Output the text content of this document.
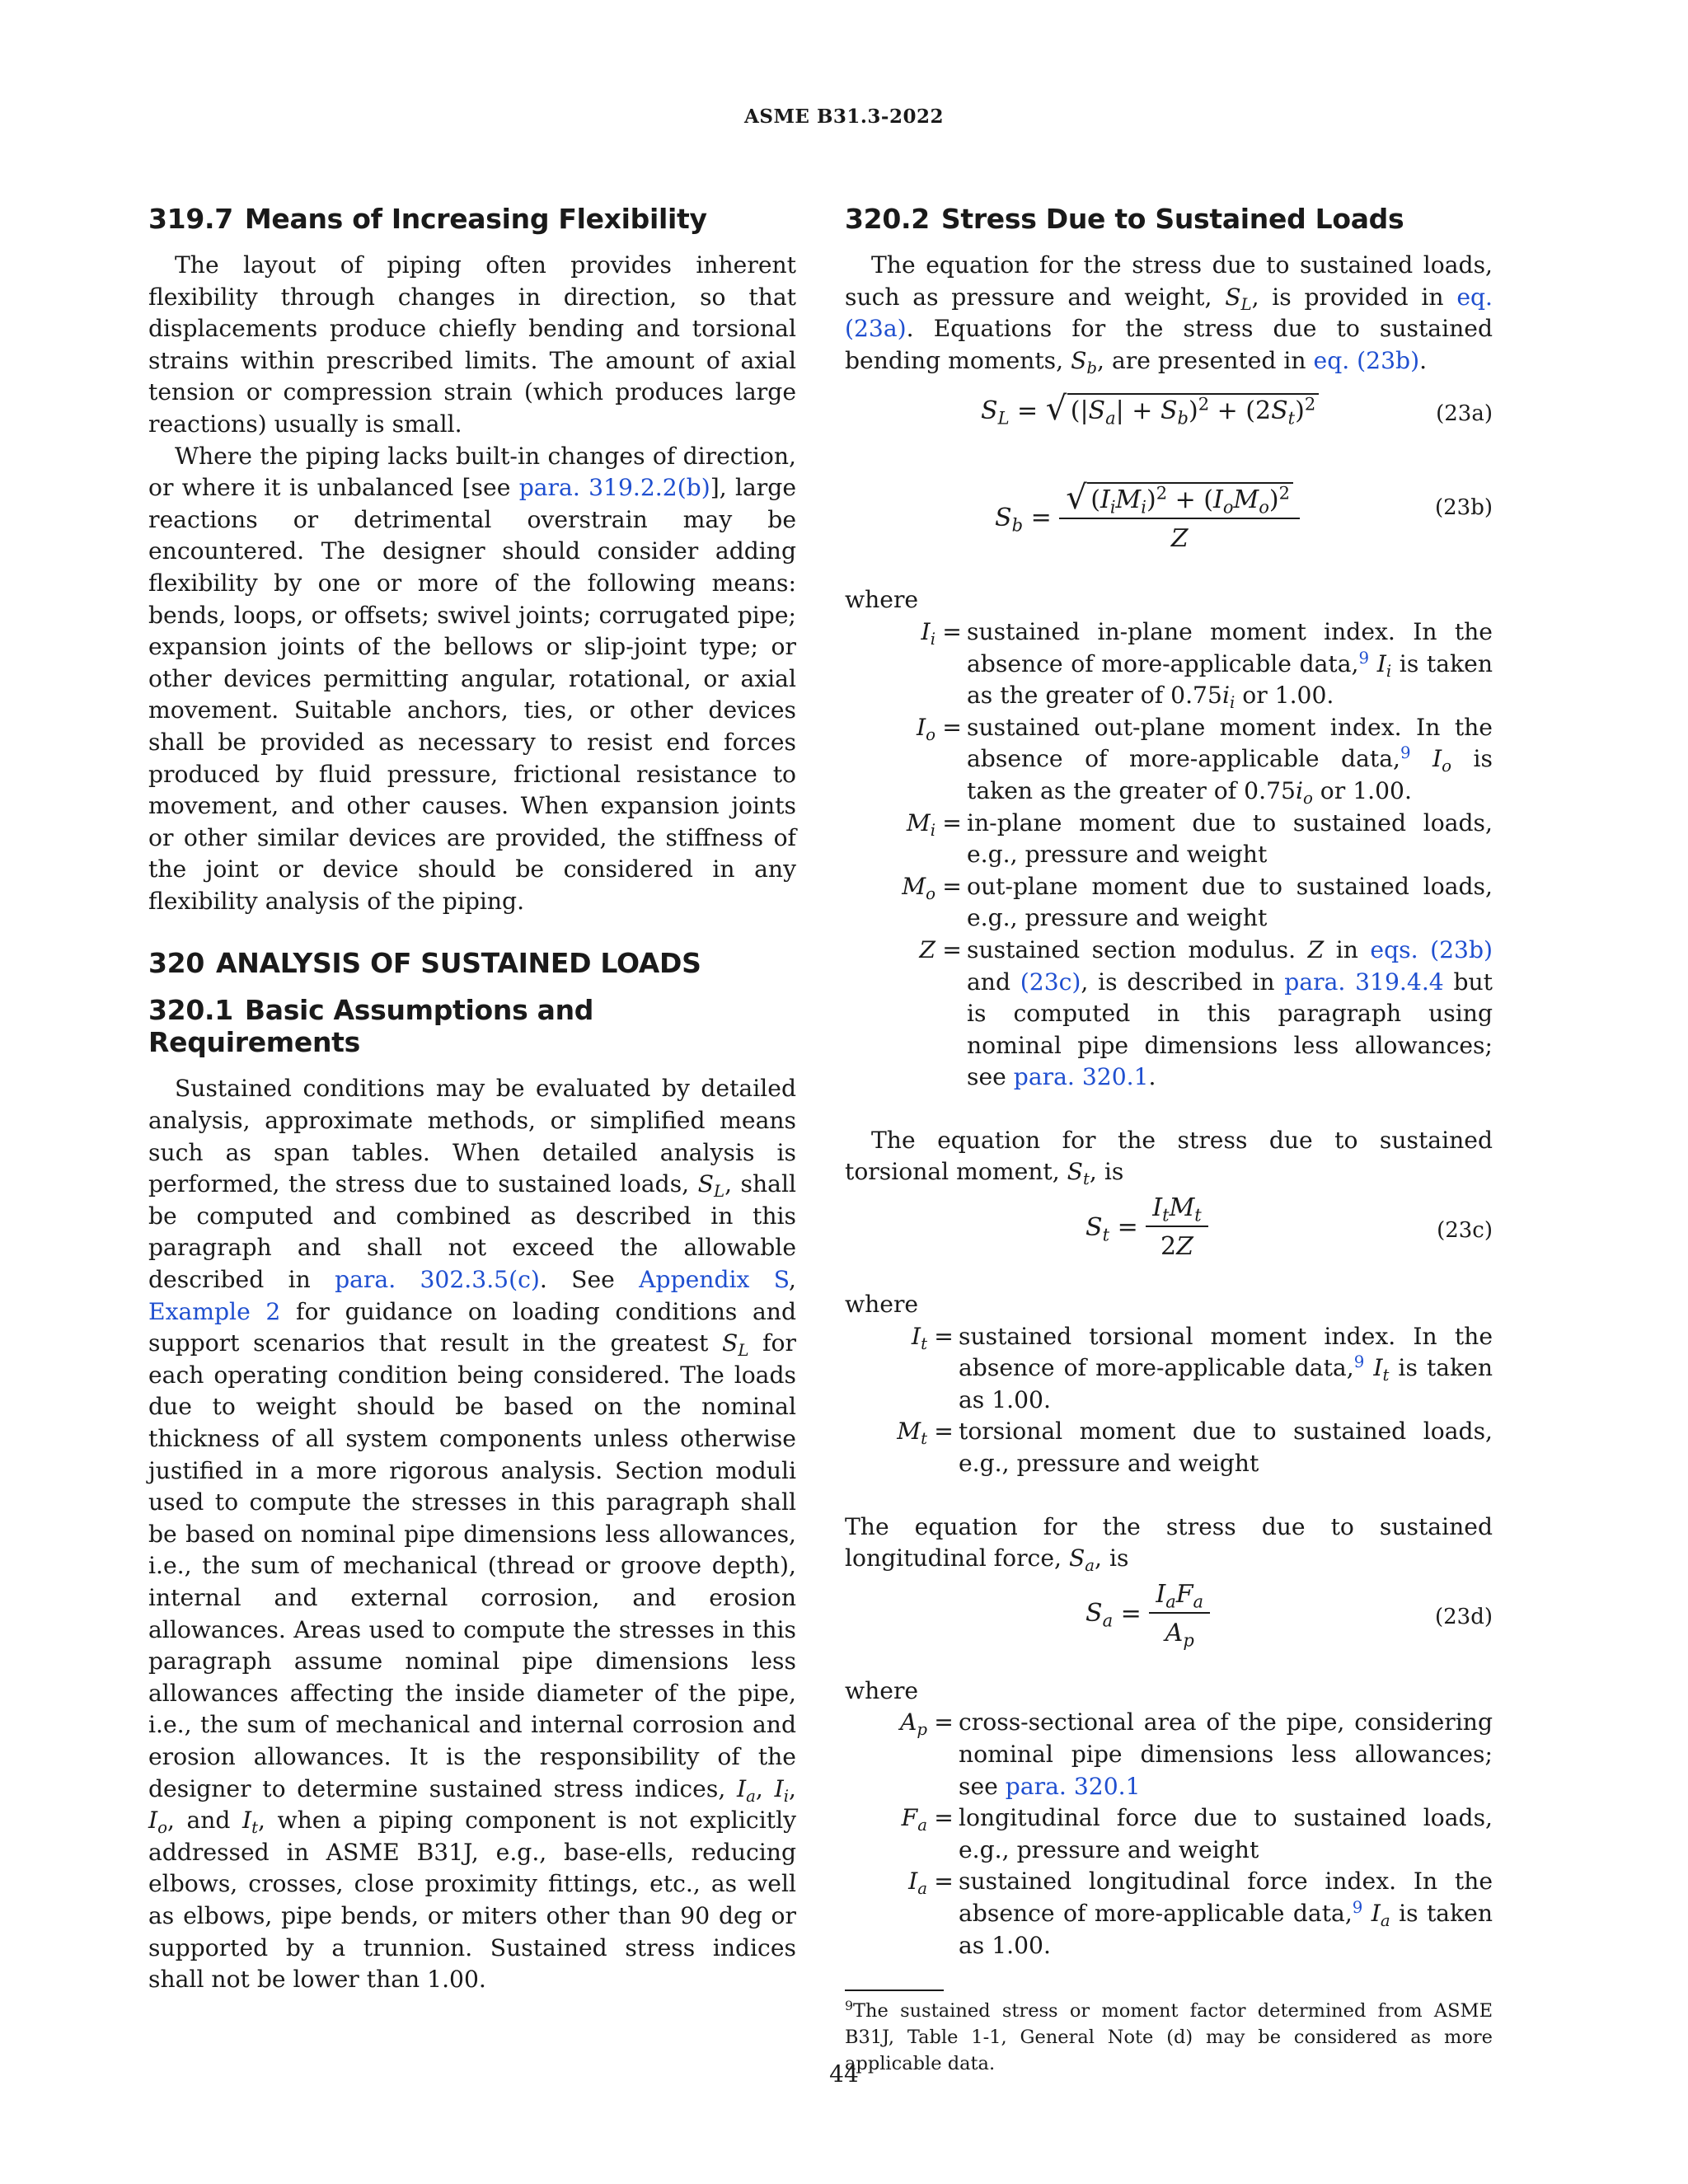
ASME B31.3-2022
319.7 Means of Increasing Flexibility

The layout of piping often provides inherent flexibility through changes in direction, so that displacements produce chiefly bending and torsional strains within prescribed limits. The amount of axial tension or compression strain (which produces large reactions) usually is small.

Where the piping lacks built-in changes of direction, or where it is unbalanced [see para. 319.2.2(b)], large reactions or detrimental overstrain may be encountered. The designer should consider adding flexibility by one or more of the following means: bends, loops, or offsets; swivel joints; corrugated pipe; expansion joints of the bellows or slip-joint type; or other devices permitting angular, rotational, or axial movement. Suitable anchors, ties, or other devices shall be provided as necessary to resist end forces produced by fluid pressure, frictional resistance to movement, and other causes. When expansion joints or other similar devices are provided, the stiffness of the joint or device should be considered in any flexibility analysis of the piping.

320 ANALYSIS OF SUSTAINED LOADS
320.1 Basic Assumptions and Requirements

Sustained conditions may be evaluated by detailed analysis, approximate methods, or simplified means such as span tables. When detailed analysis is performed, the stress due to sustained loads, $S_L$, shall be computed and combined as described in this paragraph and shall not exceed the allowable described in para. 302.3.5(c). See Appendix S, Example 2 for guidance on loading conditions and support scenarios that result in the greatest $S_L$ for each operating condition being considered. The loads due to weight should be based on the nominal thickness of all system components unless otherwise justified in a more rigorous analysis. Section moduli used to compute the stresses in this paragraph shall be based on nominal pipe dimensions less allowances, i.e., the sum of mechanical (thread or groove depth), internal and external corrosion, and erosion allowances. Areas used to compute the stresses in this paragraph assume nominal pipe dimensions less allowances affecting the inside diameter of the pipe, i.e., the sum of mechanical and internal corrosion and erosion allowances. It is the responsibility of the designer to determine sustained stress indices, $I_a$, $I_i$, $I_o$, and $I_t$, when a piping component is not explicitly addressed in ASME B31J, e.g., base-ells, reducing elbows, crosses, close proximity fittings, etc., as well as elbows, pipe bends, or miters other than 90 deg or supported by a trunnion. Sustained stress indices shall not be lower than 1.00.

320.2 Stress Due to Sustained Loads

The equation for the stress due to sustained loads, such as pressure and weight, $S_L$, is provided in eq. (23a). Equations for the stress due to sustained bending moments, $S_b$, are presented in eq. (23b).

$S_L$ = √ $(|S_a| + S_b)^2 + (2S_t)^2$	(23a)
$S_b = \frac{√ (I_iM_i)^2 + (I_oM_o)^2}{Z}$	(23b)
where
$I_i$	=	sustained in-plane moment index. In the absence of more-applicable data,$^9$ $I_i$ is taken as the greater of $0.75i_i$ or 1.00.
$I_o$	=	sustained out-plane moment index. In the absence of more-applicable data,$^9$ $I_o$ is taken as the greater of $0.75i_o$ or 1.00.
$M_i$	=	in-plane moment due to sustained loads, e.g., pressure and weight
$M_o$	=	out-plane moment due to sustained loads, e.g., pressure and weight
Z	=	sustained section modulus. Z in eqs. (23b) and (23c), is described in para. 319.4.4 but is computed in this paragraph using nominal pipe dimensions less allowances; see para. 320.1.

The equation for the stress due to sustained torsional moment, $S_t$, is

$S_t = \frac{I_tM_t}{2Z}$	(23c)
where
$I_t$	=	sustained torsional moment index. In the absence of more-applicable data,$^9$ $I_t$ is taken as 1.00.
$M_t$	=	torsional moment due to sustained loads, e.g., pressure and weight

The equation for the stress due to sustained longitudinal force, $S_a$, is

$S_a = \frac{I_aF_a}{A_p}$	(23d)
where
$A_p$	=	cross-sectional area of the pipe, considering nominal pipe dimensions less allowances; see para. 320.1
$F_a$	=	longitudinal force due to sustained loads, e.g., pressure and weight
$I_a$	=	sustained longitudinal force index. In the absence of more-applicable data,$^9$ $I_a$ is taken as 1.00.
$^9$The sustained stress or moment factor determined from ASME B31J, Table 1-1, General Note (d) may be considered as more applicable data.
44
